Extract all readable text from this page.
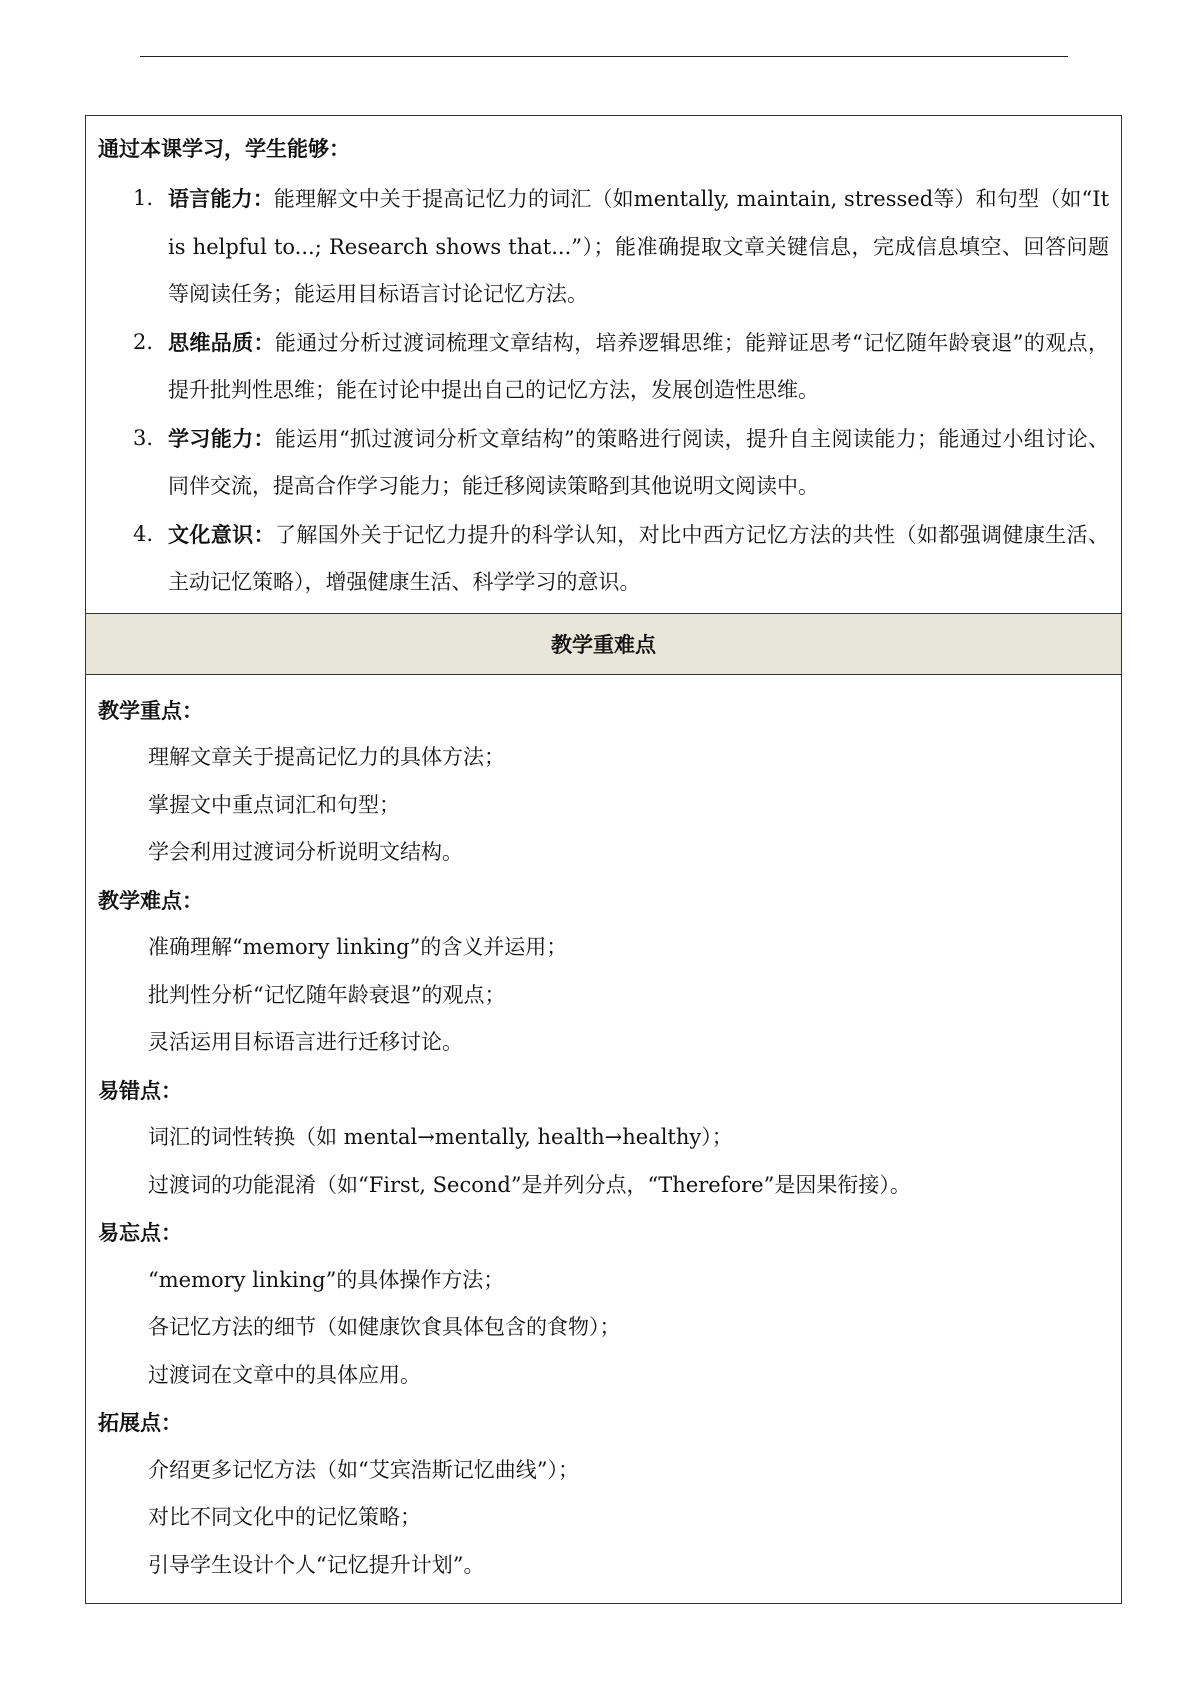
通过本课学习，学生能够：
1. 语言能力：能理解文中关于提高记忆力的词汇（如mentally, maintain, stressed等）和句型（如“It is helpful to...; Research shows that...”）；能准确提取文章关键信息，完成信息填空、回答问题等阅读任务；能运用目标语言讨论记忆方法。
2. 思维品质：能通过分析过渡词梳理文章结构，培养逻辑思维；能辩证思考“记忆随年龄衰退”的观点，提升批判性思维；能在讨论中提出自己的记忆方法，发展创造性思维。
3. 学习能力：能运用“抓过渡词分析文章结构”的策略进行阅读，提升自主阅读能力；能通过小组讨论、同伴交流，提高合作学习能力；能迁移阅读策略到其他说明文阅读中。
4. 文化意识：了解国外关于记忆力提升的科学认知，对比中西方记忆方法的共性（如都强调健康生活、主动记忆策略），增强健康生活、科学学习的意识。
教学重难点
教学重点：
理解文章关于提高记忆力的具体方法；
掌握文中重点词汇和句型；
学会利用过渡词分析说明文结构。
教学难点：
准确理解“memory linking”的含义并运用；
批判性分析“记忆随年龄衰退”的观点；
灵活运用目标语言进行迁移讨论。
易错点：
词汇的词性转换（如 mental→mentally, health→healthy）；
过渡词的功能混淆（如“First, Second”是并列分点，“Therefore”是因果衔接）。
易忘点：
“memory linking”的具体操作方法；
各记忆方法的细节（如健康饮食具体包含的食物）；
过渡词在文章中的具体应用。
拓展点：
介绍更多记忆方法（如“艾宾浩斯记忆曲线”）；
对比不同文化中的记忆策略；
引导学生设计个人“记忆提升计划”。
